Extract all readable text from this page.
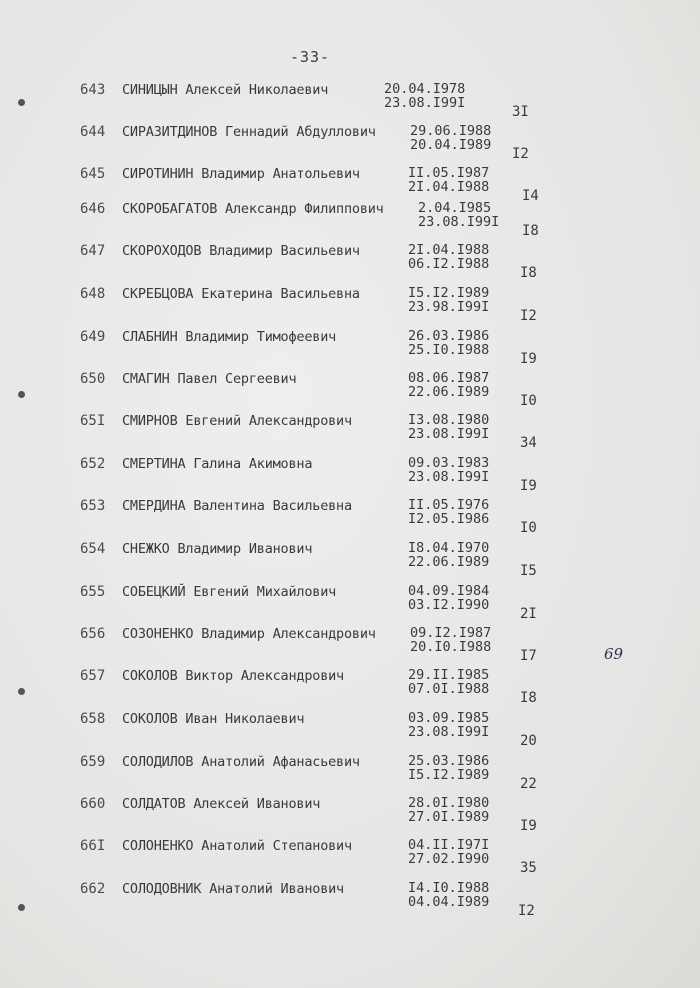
-33-
643 СИНИЦЫН Алексей Николаевич	20.04.I978
23.08.I99I
3I
644 СИРАЗИТДИНОВ Геннадий Абдуллович	29.06.I988
20.04.I989
I2
645 СИРОТИНИН Владимир Анатольевич	II.05.I987
2I.04.I988
I4
646 СКОРОБАГАТОВ Александр Филиппович	2.04.I985
23.08.I99I
I8
647 СКОРОХОДОВ Владимир Васильевич	2I.04.I988
06.I2.I988
I8
648 СКРЕБЦОВА Екатерина Васильевна	I5.I2.I989
23.98.I99I
I2
649 СЛАБНИН Владимир Тимофеевич	26.03.I986
25.I0.I988
I9
650 СМАГИН Павел Сергеевич	08.06.I987
22.06.I989
I0
65I СМИРНОВ Евгений Александрович	I3.08.I980
23.08.I99I
34
652 СМЕРТИНА Галина Акимовна	09.03.I983
23.08.I99I
I9
653 СМЕРДИНА Валентина Васильевна	II.05.I976
I2.05.I986
I0
654 СНЕЖКО Владимир Иванович	I8.04.I970
22.06.I989
I5
655 СОБЕЦКИЙ Евгений Михайлович	04.09.I984
03.I2.I990
2I
656 СОЗОНЕНКО Владимир Александрович	09.I2.I987
20.I0.I988
I7
657 СОКОЛОВ Виктор Александрович	29.II.I985
07.0I.I988
I8
658 СОКОЛОВ Иван Николаевич	03.09.I985
23.08.I99I
20
659 СОЛОДИЛОВ Анатолий Афанасьевич	25.03.I986
I5.I2.I989
22
660 СОЛДАТОВ Алексей Иванович	28.0I.I980
27.0I.I989
I9
66I СОЛОНЕНКО Анатолий Степанович	04.II.I97I
27.02.I990
35
662 СОЛОДОВНИК Анатолий Иванович	I4.I0.I988
04.04.I989
I2
69
